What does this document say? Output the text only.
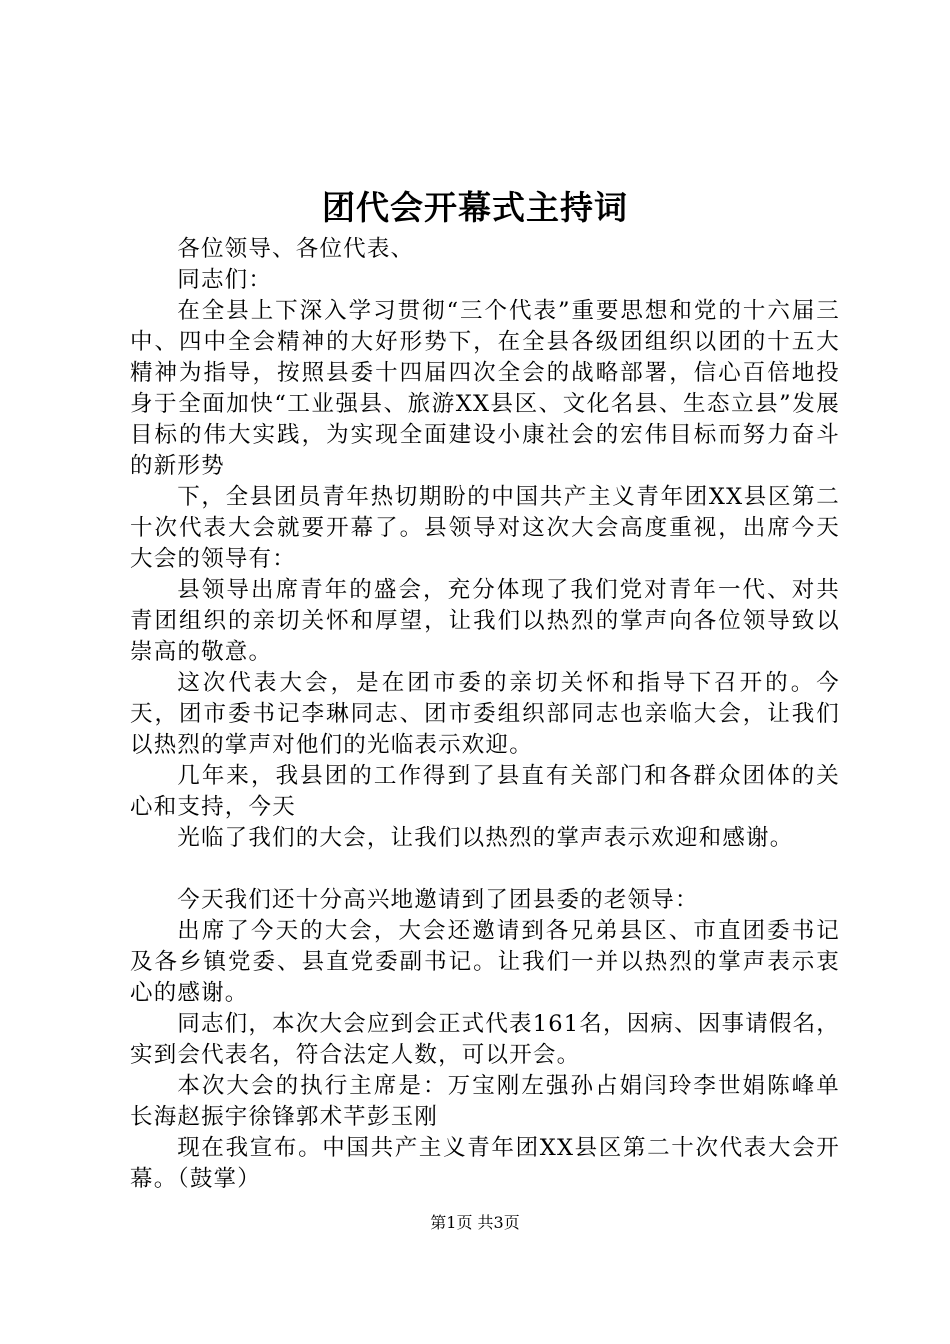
团代会开幕式主持词

各位领导、各位代表、

同志们：

在全县上下深入学习贯彻“三个代表”重要思想和党的十六届三中、四中全会精神的大好形势下，在全县各级团组织以团的十五大精神为指导，按照县委十四届四次全会的战略部署，信心百倍地投身于全面加快“工业强县、旅游XX县区、文化名县、生态立县”发展目标的伟大实践，为实现全面建设小康社会的宏伟目标而努力奋斗的新形势

下，全县团员青年热切期盼的中国共产主义青年团XX县区第二十次代表大会就要开幕了。县领导对这次大会高度重视，出席今天大会的领导有：

县领导出席青年的盛会，充分体现了我们党对青年一代、对共青团组织的亲切关怀和厚望，让我们以热烈的掌声向各位领导致以崇高的敬意。

这次代表大会，是在团市委的亲切关怀和指导下召开的。今天，团市委书记李琳同志、团市委组织部同志也亲临大会，让我们以热烈的掌声对他们的光临表示欢迎。

几年来，我县团的工作得到了县直有关部门和各群众团体的关心和支持，今天

光临了我们的大会，让我们以热烈的掌声表示欢迎和感谢。

今天我们还十分高兴地邀请到了团县委的老领导：

出席了今天的大会，大会还邀请到各兄弟县区、市直团委书记及各乡镇党委、县直党委副书记。让我们一并以热烈的掌声表示衷心的感谢。

同志们，本次大会应到会正式代表161名，因病、因事请假名，实到会代表名，符合法定人数，可以开会。

本次大会的执行主席是：万宝刚左强孙占娟闫玲李世娟陈峰单长海赵振宇徐锋郭术芊彭玉刚

现在我宣布。中国共产主义青年团XX县区第二十次代表大会开幕。（鼓掌）

第1页 共3页
